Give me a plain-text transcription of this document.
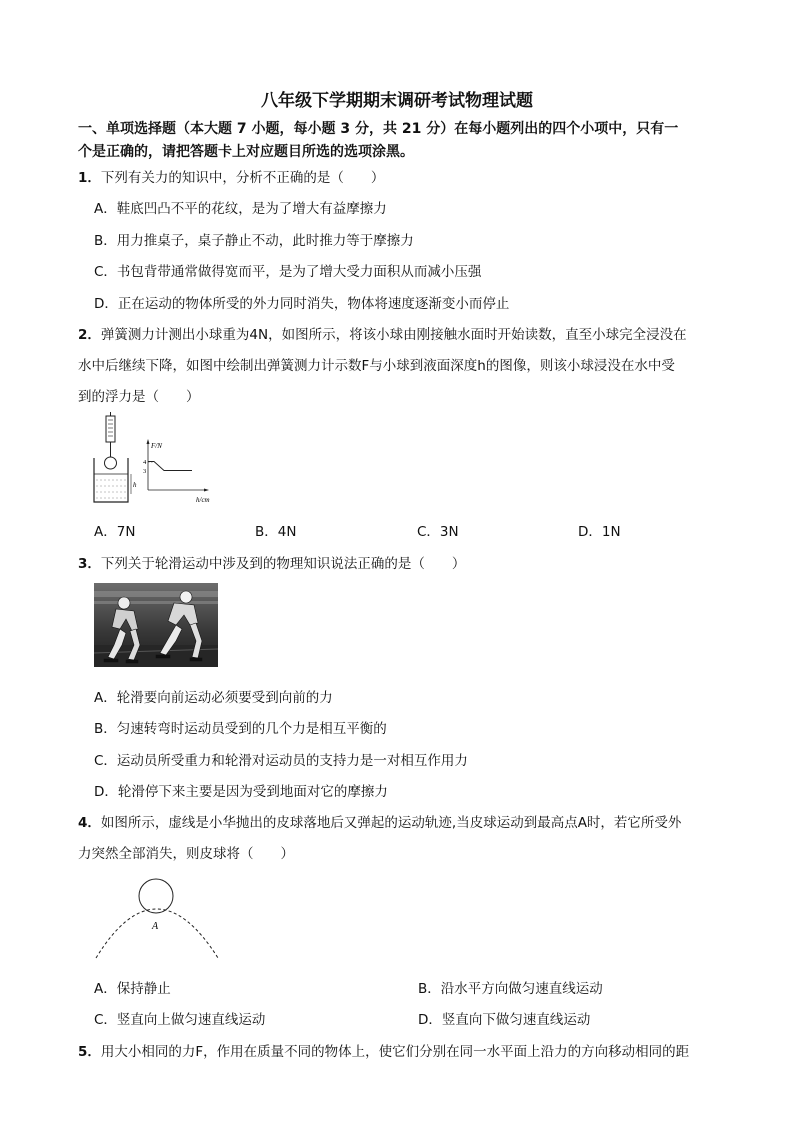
八年级下学期期末调研考试物理试题
一、单项选择题（本大题 7 小题，每小题 3 分，共 21 分）在每小题列出的四个小项中，只有一
个是正确的，请把答题卡上对应题目所选的选项涂黑。
1．下列有关力的知识中，分析不正确的是（　　）
A．鞋底凹凸不平的花纹，是为了增大有益摩擦力
B．用力推桌子，桌子静止不动，此时推力等于摩擦力
C．书包背带通常做得宽而平，是为了增大受力面积从而减小压强
D．正在运动的物体所受的外力同时消失，物体将速度逐渐变小而停止
2．弹簧测力计测出小球重为4N，如图所示，将该小球由刚接触水面时开始读数，直至小球完全浸没在
水中后继续下降，如图中绘制出弹簧测力计示数F与小球到液面深度h的图像，则该小球浸没在水中受
到的浮力是（　　）
h
F/N
h/cm
4
3
A．7N	B．4N	C．3N	D．1N
3．下列关于轮滑运动中涉及到的物理知识说法正确的是（　　）
A．轮滑要向前运动必须要受到向前的力
B．匀速转弯时运动员受到的几个力是相互平衡的
C．运动员所受重力和轮滑对运动员的支持力是一对相互作用力
D．轮滑停下来主要是因为受到地面对它的摩擦力
4．如图所示，虚线是小华抛出的皮球落地后又弹起的运动轨迹,当皮球运动到最高点A时，若它所受外
力突然全部消失，则皮球将（　　）
A
A．保持静止	B．沿水平方向做匀速直线运动
C．竖直向上做匀速直线运动	D．竖直向下做匀速直线运动
5．用大小相同的力F，作用在质量不同的物体上，使它们分别在同一水平面上沿力的方向移动相同的距
